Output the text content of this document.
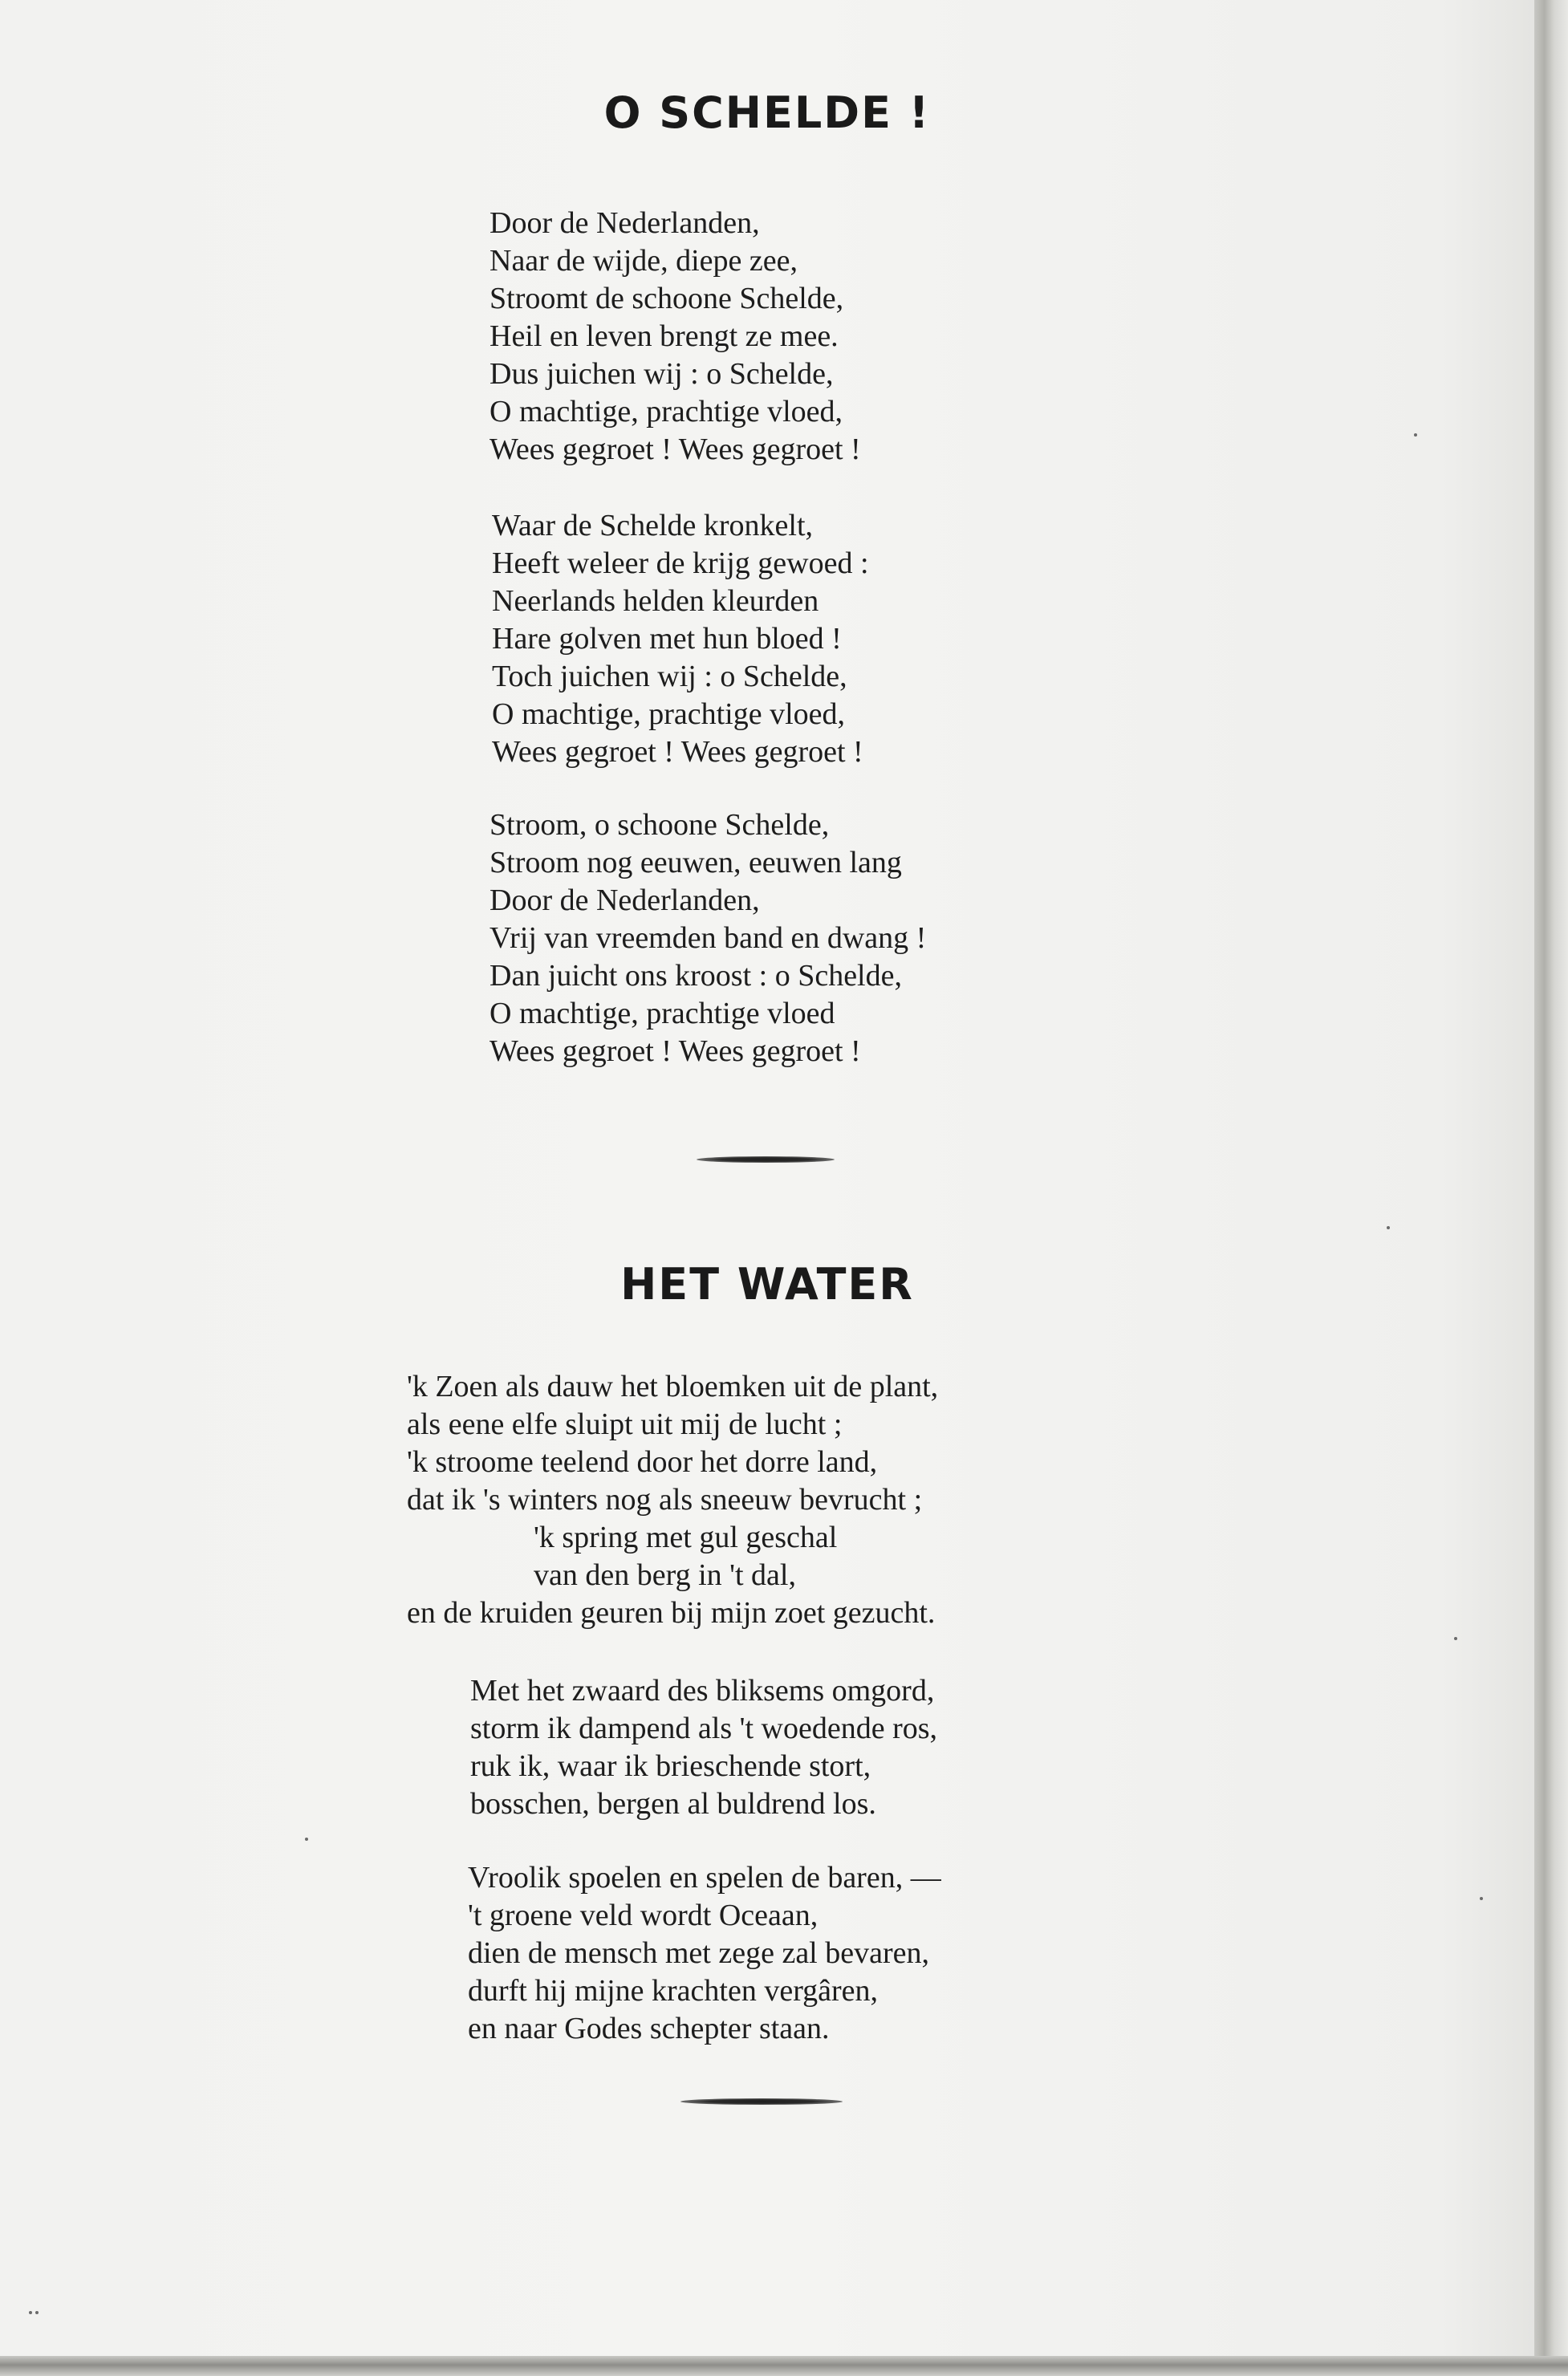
O SCHELDE !
Door de Nederlanden,
Naar de wijde, diepe zee,
Stroomt de schoone Schelde,
Heil en leven brengt ze mee.
Dus juichen wij : o Schelde,
O machtige, prachtige vloed,
Wees gegroet ! Wees gegroet !
Waar de Schelde kronkelt,
Heeft weleer de krijg gewoed :
Neerlands helden kleurden
Hare golven met hun bloed !
Toch juichen wij : o Schelde,
O machtige, prachtige vloed,
Wees gegroet ! Wees gegroet !
Stroom, o schoone Schelde,
Stroom nog eeuwen, eeuwen lang
Door de Nederlanden,
Vrij van vreemden band en dwang !
Dan juicht ons kroost : o Schelde,
O machtige, prachtige vloed
Wees gegroet ! Wees gegroet !
HET WATER
'k Zoen als dauw het bloemken uit de plant,
als eene elfe sluipt uit mij de lucht ;
'k stroome teelend door het dorre land,
dat ik 's winters nog als sneeuw bevrucht ;
'k spring met gul geschal
van den berg in 't dal,
en de kruiden geuren bij mijn zoet gezucht.
Met het zwaard des bliksems omgord,
storm ik dampend als 't woedende ros,
ruk ik, waar ik brieschende stort,
bosschen, bergen al buldrend los.
Vroolik spoelen en spelen de baren, —
't groene veld wordt Oceaan,
dien de mensch met zege zal bevaren,
durft hij mijne krachten vergâren,
en naar Godes schepter staan.
